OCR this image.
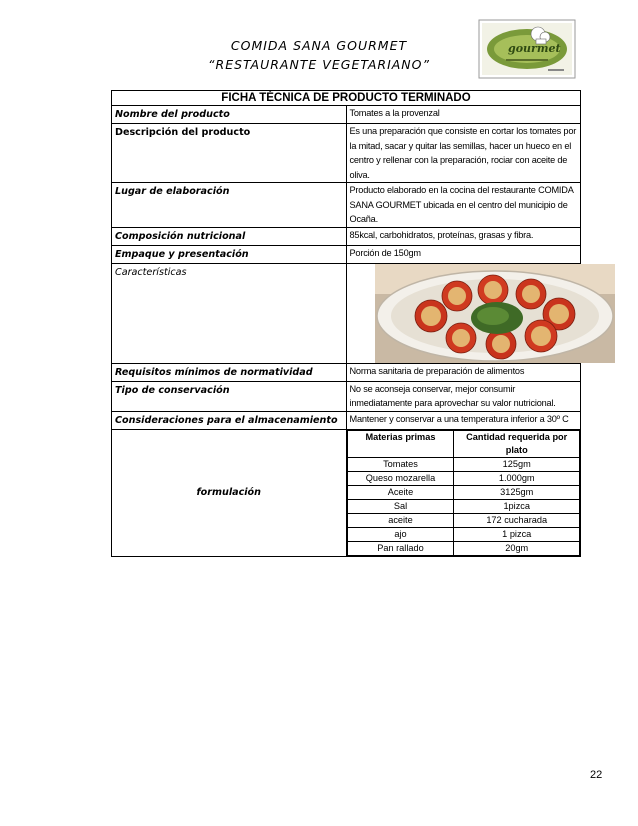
COMIDA SANA GOURMET
“RESTAURANTE VEGETARIANO”
gourmet
FICHA TÉCNICA DE PRODUCTO TERMINADO
Nombre del producto	Tomates a la provenzal
Descripción del producto	Es una preparación que consiste en cortar los tomates por la mitad, sacar y quitar las semillas, hacer un hueco en el centro y rellenar con la preparación, rociar con aceite de oliva.
Lugar de elaboración	Producto elaborado en la cocina del restaurante COMIDA SANA GOURMET ubicada en el centro del municipio de Ocaña.
Composición nutricional	85kcal, carbohidratos, proteínas, grasas y fibra.
Empaque y presentación	Porción de 150gm
Características	

Requisitos mínimos de normatividad	Norma sanitaria de preparación de alimentos
Tipo de conservación	No se aconseja conservar, mejor consumir inmediatamente para aprovechar su valor nutricional.
Consideraciones para el almacenamiento	Mantener y conservar a una temperatura inferior a 30º C

formulación

Materias primas	Cantidad requerida por plato
Tomates	125gm
Queso mozarella	1.000gm
Aceite	3125gm
Sal	1pizca
aceite	172 cucharada
ajo	1 pizca
Pan rallado	20gm
22
